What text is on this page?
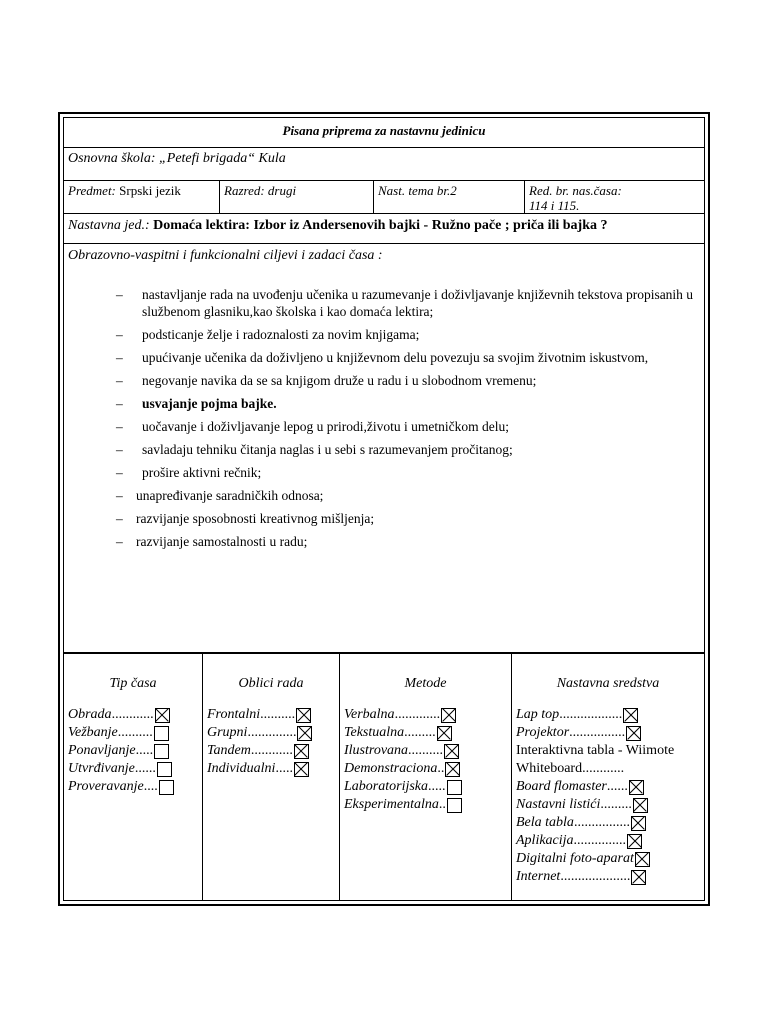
Pisana priprema za nastavnu jedinicu
Osnovna škola: „Petefi brigada“ Kula
Predmet: Srpski jezik	Razred: drugi	Nast. tema br.2	Red. br. nas.časa:
114 i 115.
Nastavna jed.: Domaća lektira: Izbor iz Andersenovih bajki - Ružno pače ; priča ili bajka ?
Obrazovno-vaspitni i funkcionalni ciljevi i zadaci časa :
– nastavljanje rada na uvođenju učenika u razumevanje i doživljavanje književnih tekstova propisanih u službenom glasniku,kao školska i kao domaća lektira;
– podsticanje želje i radoznalosti za novim knjigama;
– upućivanje učenika da doživljeno u književnom delu povezuju sa svojim životnim iskustvom,
– negovanje navika da se sa knjigom druže u radu i u slobodnom vremenu;
– usvajanje pojma bajke.
– uočavanje i doživljavanje lepog u prirodi,životu i umetničkom delu;
– savladaju tehniku čitanja naglas i u sebi s razumevanjem pročitanog;
– prošire aktivni rečnik;
– unapređivanje saradničkih odnosa;
– razvijanje sposobnosti kreativnog mišljenja;
– razvijanje samostalnosti u radu;
Tip časa
Obrada ............
Vežbanje ..........
Ponavljanje .....
Utvrđivanje ......
Proveravanje ....
Oblici rada
Frontalni ..........
Grupni ..............
Tandem ............
Individualni .....
Metode
Verbalna .............
Tekstualna .........
Ilustrovana ..........
Demonstraciona ..
Laboratorijska .....
Eksperimentalna ..
Nastavna sredstva
Lap top ..................
Projektor ................
Interaktivna tabla - Wiimote
Whiteboard............
Board flomaster ......
Nastavni listići .........
Bela tabla ................
Aplikacija ...............
Digitalni foto-aparat
Internet ....................
